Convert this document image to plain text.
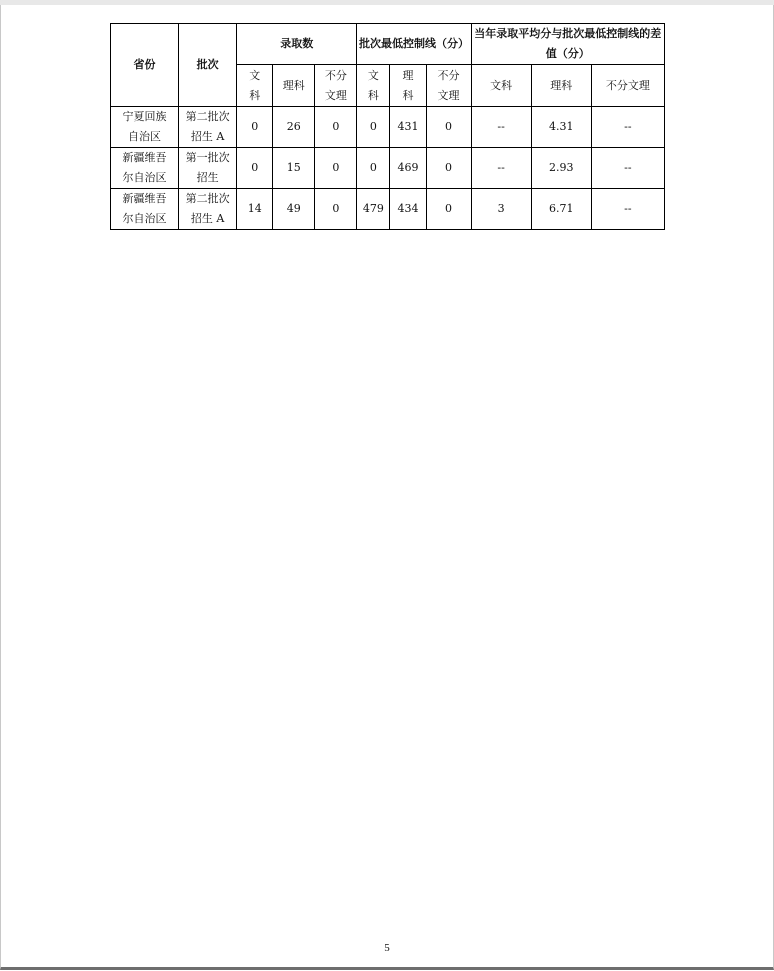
省份	批次	录取数			批次最低控制线（分）			当年录取平均分与批次最低控制线的差值（分）		
		文科	理科	不分文理	文科	理科	不分文理	文科	理科	不分文理
宁夏回族自治区	第二批次招生 A	0	26	0	0	431	0	--	4.31	--
新疆维吾尔自治区	第一批次招生	0	15	0	0	469	0	--	2.93	--
新疆维吾尔自治区	第二批次招生 A	14	49	0	479	434	0	3	6.71	--
5
